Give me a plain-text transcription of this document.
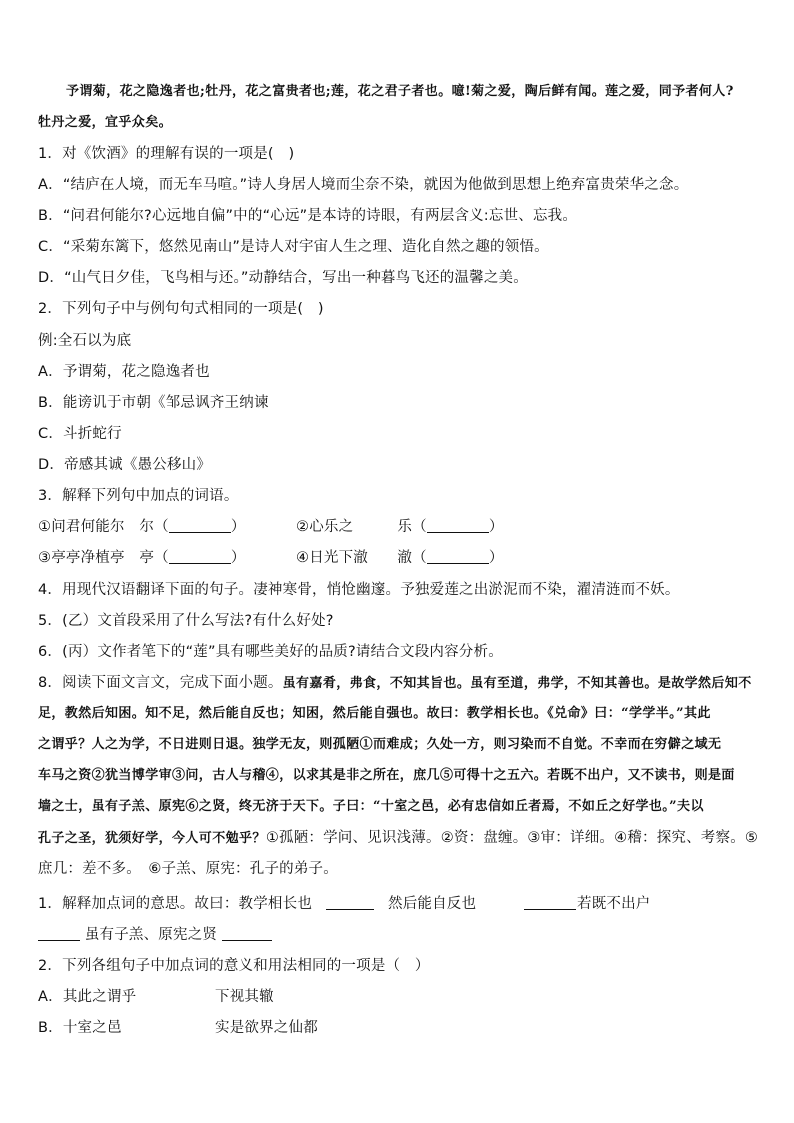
予谓菊，花之隐逸者也;牡丹，花之富贵者也;莲，花之君子者也。噫!菊之爱，陶后鲜有闻。莲之爱，同予者何人?
牡丹之爱，宜乎众矣。
1．对《饮酒》的理解有误的一项是(　)
A．“结庐在人境，而无车马喧。”诗人身居人境而尘奈不染，就因为他做到思想上绝弃富贵荣华之念。
B．“问君何能尔?心远地自偏”中的“心远”是本诗的诗眼，有两层含义:忘世、忘我。
C．“采菊东篱下，悠然见南山”是诗人对宇宙人生之理、造化自然之趣的领悟。
D．“山气日夕佳，飞鸟相与还。”动静结合，写出一种暮鸟飞还的温馨之美。
2．下列句子中与例句句式相同的一项是(　)
例:全石以为底
A．予谓菊，花之隐逸者也
B．能谤讥于市朝《邹忌讽齐王纳谏
C．斗折蛇行
D．帝感其诚《愚公移山》
3．解释下列句中加点的词语。
①问君何能尔　尔（	）	②心乐之　　　乐（	）
③亭亭净植亭　亭（	）	④日光下澈　　澈（	）
4．用现代汉语翻译下面的句子。凄神寒骨，悄怆幽邃。予独爱莲之出淤泥而不染，濯清涟而不妖。
5．(乙）文首段采用了什么写法?有什么好处?
6．(丙）文作者笔下的“莲”具有哪些美好的品质?请结合文段内容分析。
8．阅读下面文言文，完成下面小题。虽有嘉肴，弗食，不知其旨也。虽有至道，弗学，不知其善也。是故学然后知不
足，教然后知困。知不足，然后能自反也；知困，然后能自强也。故曰：教学相长也。《兑命》曰：“学学半。”其此
之谓乎？人之为学，不日进则日退。独学无友，则孤陋①而难成；久处一方，则习染而不自觉。不幸而在穷僻之域无
车马之资②犹当博学审③问，古人与稽④，以求其是非之所在，庶几⑤可得十之五六。若既不出户，又不读书，则是面
墙之士，虽有子羔、原宪⑥之贤，终无济于天下。子曰：“十室之邑，必有忠信如丘者焉，不如丘之好学也。”夫以
孔子之圣，犹须好学，今人可不勉乎？①孤陋：学问、见识浅薄。②资：盘缠。③审：详细。④稽：探究、考察。⑤
庶几：差不多。　⑥子羔、原宪：孔子的弟子。
1．解释加点词的意思。故曰：教学相长也	然后能自反也	若既不出户
虽有子羔、原宪之贤
2．下列各组句子中加点词的意义和用法相同的一项是（　）
A．其此之谓乎	下视其辙
B．十室之邑	实是欲界之仙都
